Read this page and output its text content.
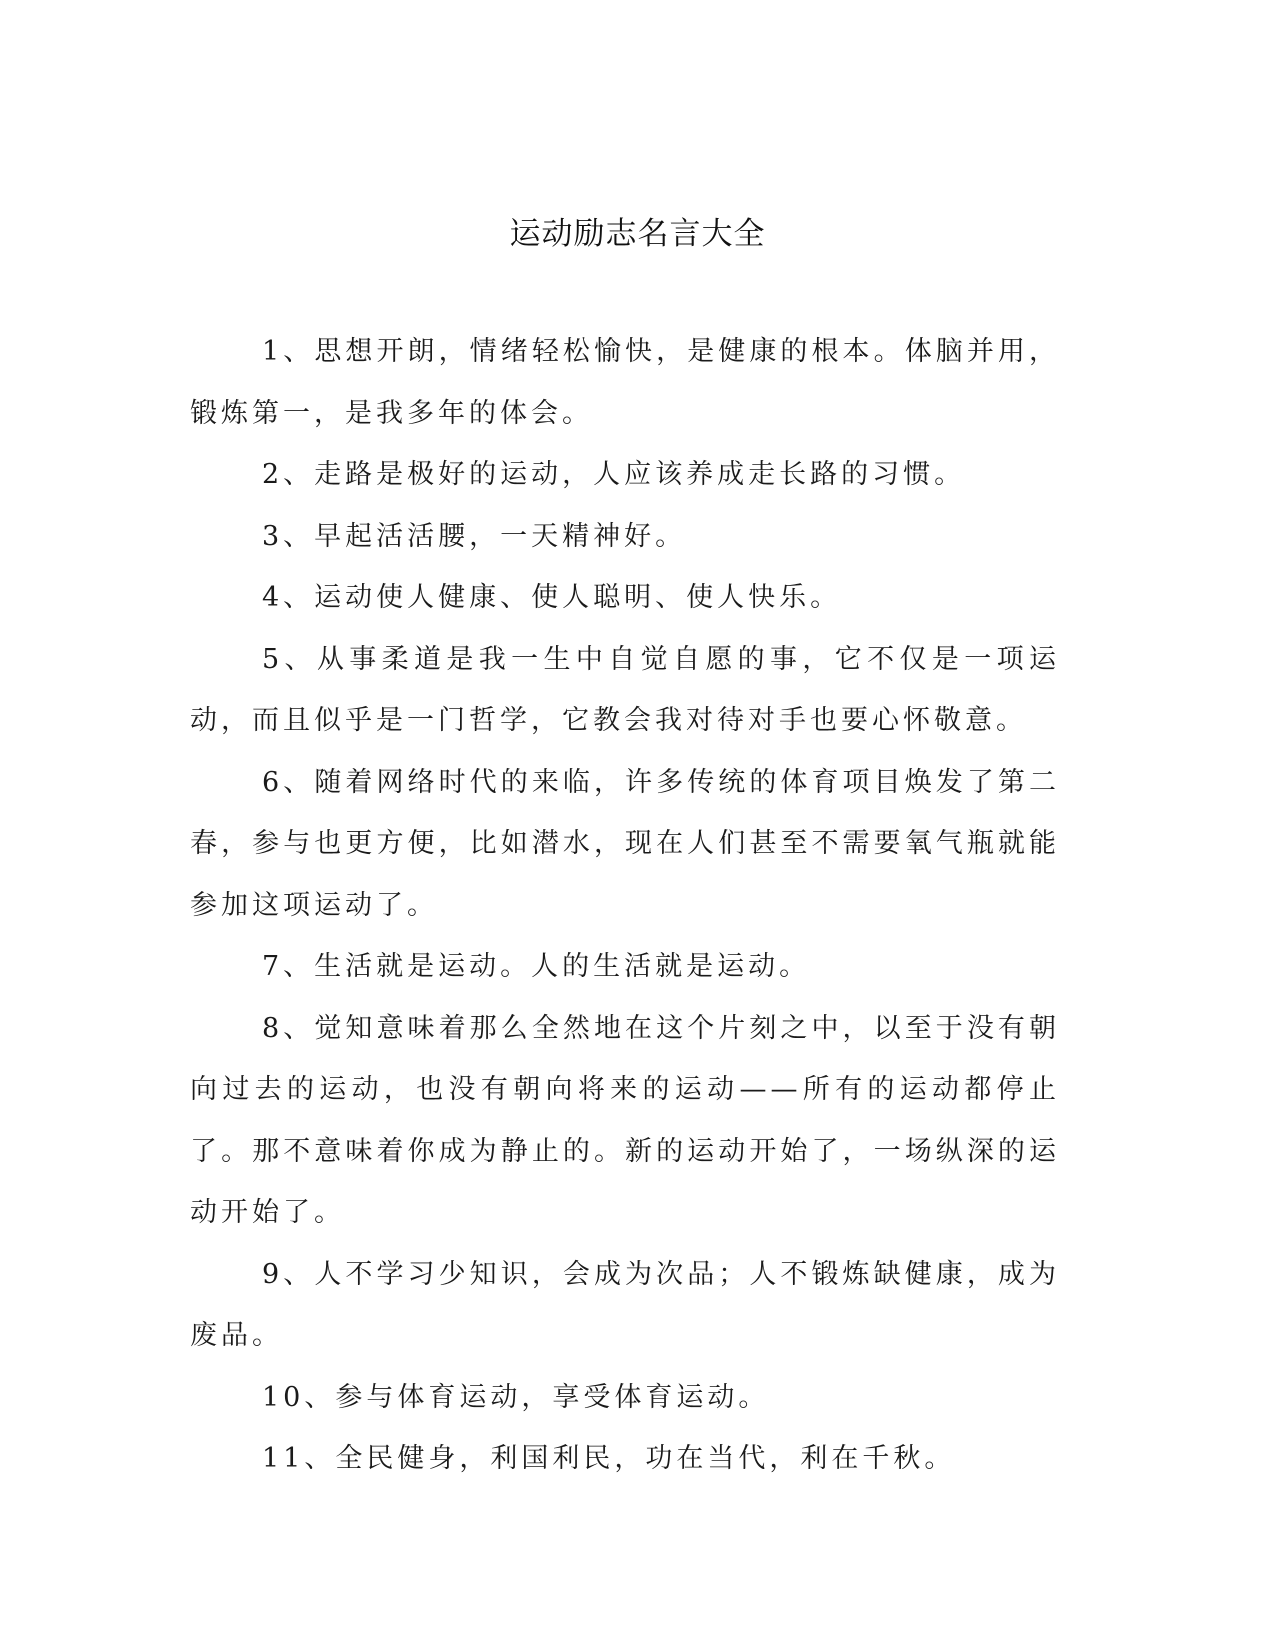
运动励志名言大全

1、思想开朗，情绪轻松愉快，是健康的根本。体脑并用，锻炼第一，是我多年的体会。

2、走路是极好的运动，人应该养成走长路的习惯。

3、早起活活腰，一天精神好。

4、运动使人健康、使人聪明、使人快乐。

5、从事柔道是我一生中自觉自愿的事，它不仅是一项运动，而且似乎是一门哲学，它教会我对待对手也要心怀敬意。

6、随着网络时代的来临，许多传统的体育项目焕发了第二春，参与也更方便，比如潜水，现在人们甚至不需要氧气瓶就能参加这项运动了。

7、生活就是运动。人的生活就是运动。

8、觉知意味着那么全然地在这个片刻之中，以至于没有朝向过去的运动，也没有朝向将来的运动——所有的运动都停止了。那不意味着你成为静止的。新的运动开始了，一场纵深的运动开始了。

9、人不学习少知识，会成为次品；人不锻炼缺健康，成为废品。

10、参与体育运动，享受体育运动。

11、全民健身，利国利民，功在当代，利在千秋。
